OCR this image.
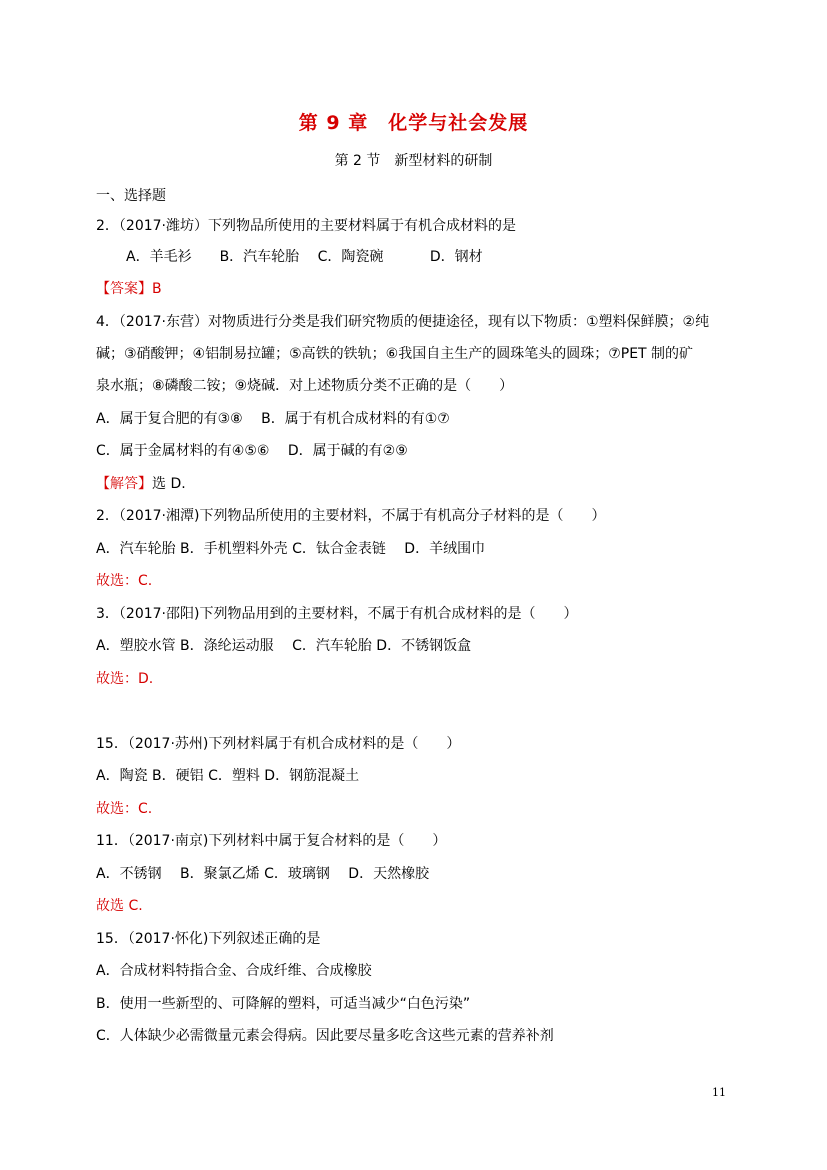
第 9 章　化学与社会发展
第 2 节　新型材料的研制
一、选择题
2．（2017·潍坊）下列物品所使用的主要材料属于有机合成材料的是
A．羊毛衫　　B．汽车轮胎　 C．陶瓷碗　　　 D．钢材
【答案】B
4．（2017·东营）对物质进行分类是我们研究物质的便捷途径，现有以下物质：①塑料保鲜膜；②纯
碱；③硝酸钾；④铝制易拉罐；⑤高铁的铁轨；⑥我国自主生产的圆珠笔头的圆珠；⑦PET 制的矿
泉水瓶；⑧磷酸二铵；⑨烧碱．对上述物质分类不正确的是（　　）
A．属于复合肥的有③⑧　 B．属于有机合成材料的有①⑦
C．属于金属材料的有④⑤⑥　 D．属于碱的有②⑨
【解答】选 D.
2．（2017·湘潭)下列物品所使用的主要材料，不属于有机高分子材料的是（　　）
A．汽车轮胎 B．手机塑料外壳 C．钛合金表链　 D．羊绒围巾
故选：C.
3．（2017·邵阳)下列物品用到的主要材料，不属于有机合成材料的是（　　）
A．塑胶水管 B．涤纶运动服　 C．汽车轮胎 D．不锈钢饭盒
故选：D.
15．（2017·苏州)下列材料属于有机合成材料的是（　　）
A．陶瓷 B．硬铝 C．塑料 D．钢筋混凝土
故选：C.
11．（2017·南京)下列材料中属于复合材料的是（　　）
A．不锈钢　 B．聚氯乙烯 C．玻璃钢　 D．天然橡胶
故选 C.
15．（2017·怀化)下列叙述正确的是
A．合成材料特指合金、合成纤维、合成橡胶
B．使用一些新型的、可降解的塑料，可适当减少“白色污染”
C．人体缺少必需微量元素会得病。因此要尽量多吃含这些元素的营养补剂
11
